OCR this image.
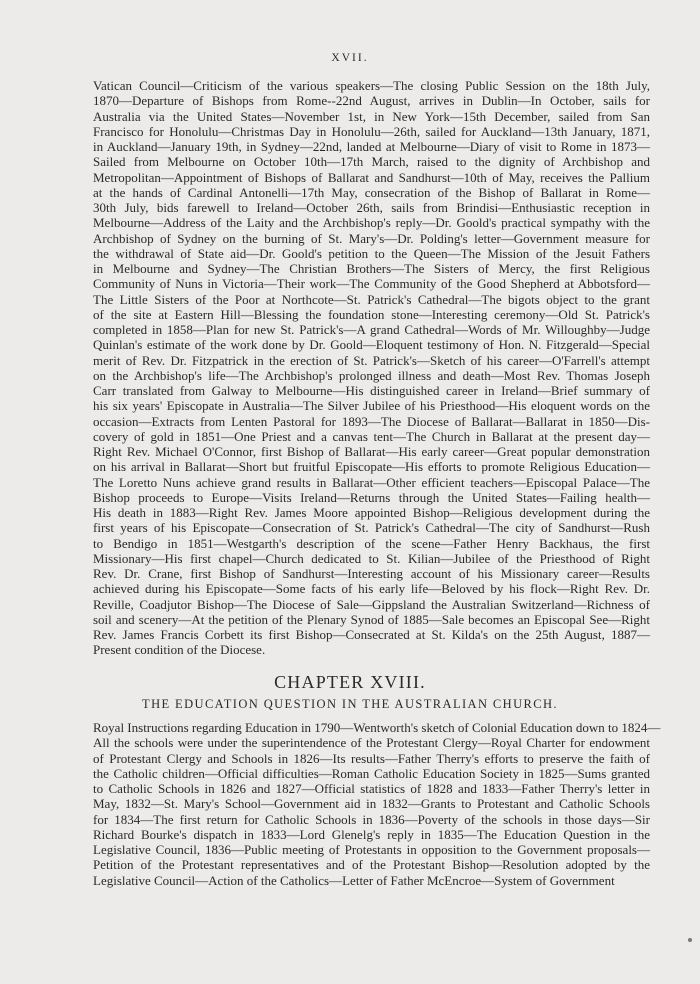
XVII.
Vatican Council—Criticism of the various speakers—The closing Public Session on the 18th July,
1870—Departure of Bishops from Rome--22nd August, arrives in Dublin—In October, sails for
Australia via the United States—November 1st, in New York—15th December, sailed from San
Francisco for Honolulu—Christmas Day in Honolulu—26th, sailed for Auckland—13th January, 1871,
in Auckland—January 19th, in Sydney—22nd, landed at Melbourne—Diary of visit to Rome in 1873—
Sailed from Melbourne on October 10th—17th March, raised to the dignity of Archbishop and
Metropolitan—Appointment of Bishops of Ballarat and Sandhurst—10th of May, receives the Pallium
at the hands of Cardinal Antonelli—17th May, consecration of the Bishop of Ballarat in Rome—
30th July, bids farewell to Ireland—October 26th, sails from Brindisi—Enthusiastic reception in
Melbourne—Address of the Laity and the Archbishop's reply—Dr. Goold's practical sympathy with the
Archbishop of Sydney on the burning of St. Mary's—Dr. Polding's letter—Government measure for
the withdrawal of State aid—Dr. Goold's petition to the Queen—The Mission of the Jesuit Fathers
in Melbourne and Sydney—The Christian Brothers—The Sisters of Mercy, the first Religious
Community of Nuns in Victoria—Their work—The Community of the Good Shepherd at Abbotsford—
The Little Sisters of the Poor at Northcote—St. Patrick's Cathedral—The bigots object to the grant
of the site at Eastern Hill—Blessing the foundation stone—Interesting ceremony—Old St. Patrick's
completed in 1858—Plan for new St. Patrick's—A grand Cathedral—Words of Mr. Willoughby—Judge
Quinlan's estimate of the work done by Dr. Goold—Eloquent testimony of Hon. N. Fitzgerald—Special
merit of Rev. Dr. Fitzpatrick in the erection of St. Patrick's—Sketch of his career—O'Farrell's attempt
on the Archbishop's life—The Archbishop's prolonged illness and death—Most Rev. Thomas Joseph
Carr translated from Galway to Melbourne—His distinguished career in Ireland—Brief summary of
his six years' Episcopate in Australia—The Silver Jubilee of his Priesthood—His eloquent words on the
occasion—Extracts from Lenten Pastoral for 1893—The Diocese of Ballarat—Ballarat in 1850—Dis-
covery of gold in 1851—One Priest and a canvas tent—The Church in Ballarat at the present day—
Right Rev. Michael O'Connor, first Bishop of Ballarat—His early career—Great popular demonstration
on his arrival in Ballarat—Short but fruitful Episcopate—His efforts to promote Religious Education—
The Loretto Nuns achieve grand results in Ballarat—Other efficient teachers—Episcopal Palace—The
Bishop proceeds to Europe—Visits Ireland—Returns through the United States—Failing health—
His death in 1883—Right Rev. James Moore appointed Bishop—Religious development during the
first years of his Episcopate—Consecration of St. Patrick's Cathedral—The city of Sandhurst—Rush
to Bendigo in 1851—Westgarth's description of the scene—Father Henry Backhaus, the first
Missionary—His first chapel—Church dedicated to St. Kilian—Jubilee of the Priesthood of Right
Rev. Dr. Crane, first Bishop of Sandhurst—Interesting account of his Missionary career—Results
achieved during his Episcopate—Some facts of his early life—Beloved by his flock—Right Rev. Dr.
Reville, Coadjutor Bishop—The Diocese of Sale—Gippsland the Australian Switzerland—Richness of
soil and scenery—At the petition of the Plenary Synod of 1885—Sale becomes an Episcopal See—Right
Rev. James Francis Corbett its first Bishop—Consecrated at St. Kilda's on the 25th August, 1887—
Present condition of the Diocese.
CHAPTER XVIII.
THE EDUCATION QUESTION IN THE AUSTRALIAN CHURCH.
Royal Instructions regarding Education in 1790—Wentworth's sketch of Colonial Education down to 1824—
All the schools were under the superintendence of the Protestant Clergy—Royal Charter for endowment
of Protestant Clergy and Schools in 1826—Its results—Father Therry's efforts to preserve the faith of
the Catholic children—Official difficulties—Roman Catholic Education Society in 1825—Sums granted
to Catholic Schools in 1826 and 1827—Official statistics of 1828 and 1833—Father Therry's letter in
May, 1832—St. Mary's School—Government aid in 1832—Grants to Protestant and Catholic Schools
for 1834—The first return for Catholic Schools in 1836—Poverty of the schools in those days—Sir
Richard Bourke's dispatch in 1833—Lord Glenelg's reply in 1835—The Education Question in the
Legislative Council, 1836—Public meeting of Protestants in opposition to the Government proposals—
Petition of the Protestant representatives and of the Protestant Bishop—Resolution adopted by the
Legislative Council—Action of the Catholics—Letter of Father McEncroe—System of Government
